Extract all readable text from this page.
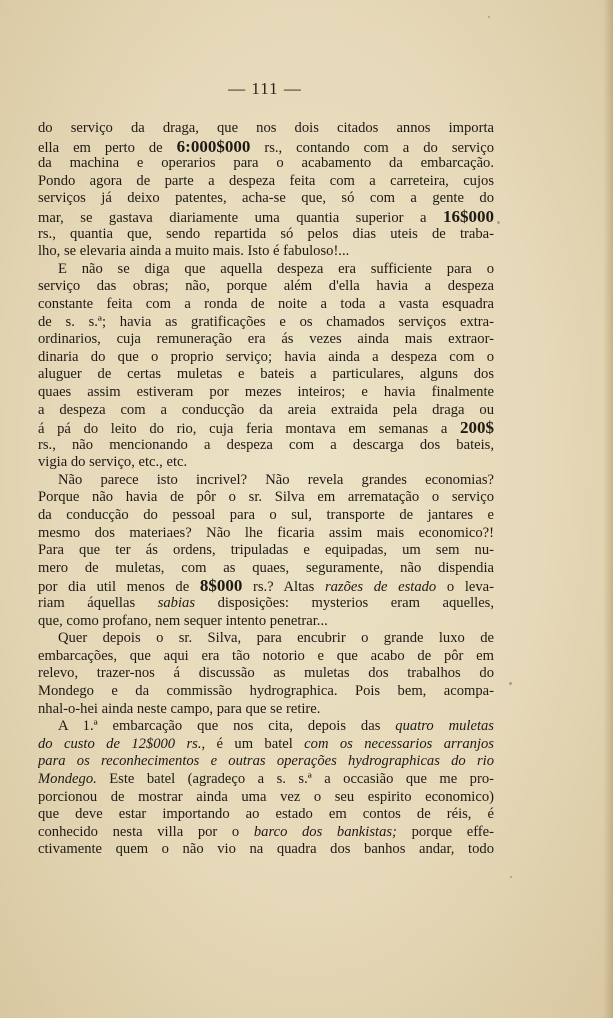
— 111 —
do serviço da draga, que nos dois citados annos importa
ella em perto de 6:000$000 rs., contando com a do serviço
da machina e operarios para o acabamento da embarcação.
Pondo agora de parte a despeza feita com a carreteira, cujos
serviços já deixo patentes, acha-se que, só com a gente do
mar, se gastava diariamente uma quantia superior a 16$000
rs., quantia que, sendo repartida só pelos dias uteis de traba-
lho, se elevaria ainda a muito mais. Isto é fabuloso!...
E não se diga que aquella despeza era sufficiente para o
serviço das obras; não, porque além d'ella havia a despeza
constante feita com a ronda de noite a toda a vasta esquadra
de s. s.ª; havia as gratificações e os chamados serviços extra-
ordinarios, cuja remuneração era ás vezes ainda mais extraor-
dinaria do que o proprio serviço; havia ainda a despeza com o
aluguer de certas muletas e bateis a particulares, alguns dos
quaes assim estiveram por mezes inteiros; e havia finalmente
a despeza com a conducção da areia extraida pela draga ou
á pá do leito do rio, cuja feria montava em semanas a 200$
rs., não mencionando a despeza com a descarga dos bateis,
vigia do serviço, etc., etc.
Não parece isto incrivel? Não revela grandes economias?
Porque não havia de pôr o sr. Silva em arrematação o serviço
da conducção do pessoal para o sul, transporte de jantares e
mesmo dos materiaes? Não lhe ficaria assim mais economico?!
Para que ter ás ordens, tripuladas e equipadas, um sem nu-
mero de muletas, com as quaes, seguramente, não dispendia
por dia util menos de 8$000 rs.? Altas razões de estado o leva-
riam áquellas sabias disposições: mysterios eram aquelles,
que, como profano, nem sequer intento penetrar...
Quer depois o sr. Silva, para encubrir o grande luxo de
embarcações, que aqui era tão notorio e que acabo de pôr em
relevo, trazer-nos á discussão as muletas dos trabalhos do
Mondego e da commissão hydrographica. Pois bem, acompa-
nhal-o-hei ainda neste campo, para que se retire.
A 1.ª embarcação que nos cita, depois das quatro muletas
do custo de 12$000 rs., é um batel com os necessarios arranjos
para os reconhecimentos e outras operações hydrographicas do rio
Mondego. Este batel (agradeço a s. s.ª a occasião que me pro-
porcionou de mostrar ainda uma vez o seu espirito economico)
que deve estar importando ao estado em contos de réis, é
conhecido nesta villa por o barco dos bankistas; porque effe-
ctivamente quem o não vio na quadra dos banhos andar, todo
